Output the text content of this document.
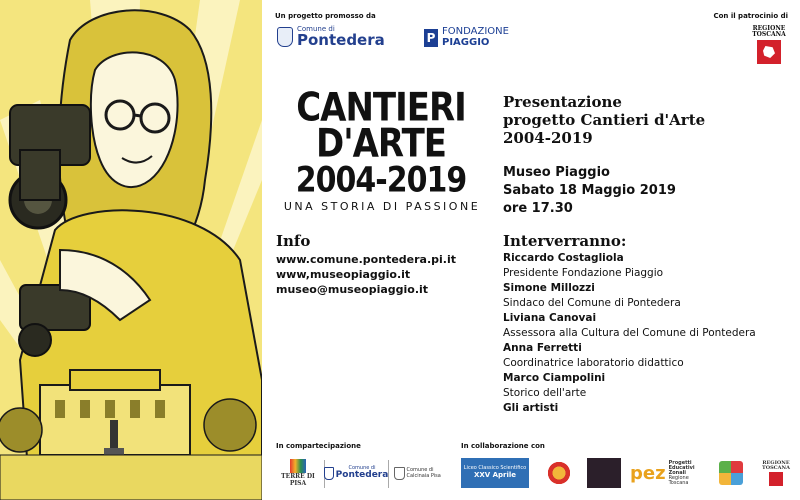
Un progetto promosso da	Con il patrocinio di
Comune di
Pontedera	P FONDAZIONE
PIAGGIO
REGIONE
TOSCANA
CANTIERI
D'ARTE
2004-2019
UNA STORIA DI PASSIONE
Presentazione
progetto Cantieri d'Arte
2004-2019
Museo Piaggio
Sabato 18 Maggio 2019
ore 17.30
Info
www.comune.pontedera.pi.it
www,museopiaggio.it
museo@museopiaggio.it
Interverranno:
Riccardo Costagliola
Presidente Fondazione Piaggio
Simone Millozzi
Sindaco del Comune di Pontedera
Liviana Canovai
Assessora alla Cultura del Comune di Pontedera
Anna Ferretti
Coordinatrice laboratorio didattico
Marco Ciampolini
Storico dell'arte
Gli artisti
In compartecipazione	In collaborazione con
TERRE DI PISA
Comune di
Pontedera	Comune di Calcinaia Pisa
Liceo Classico Scientifico
XXV Aprile	pez Progetti
Educativi
Zonali
Regione Toscana
REGIONE
TOSCANA
